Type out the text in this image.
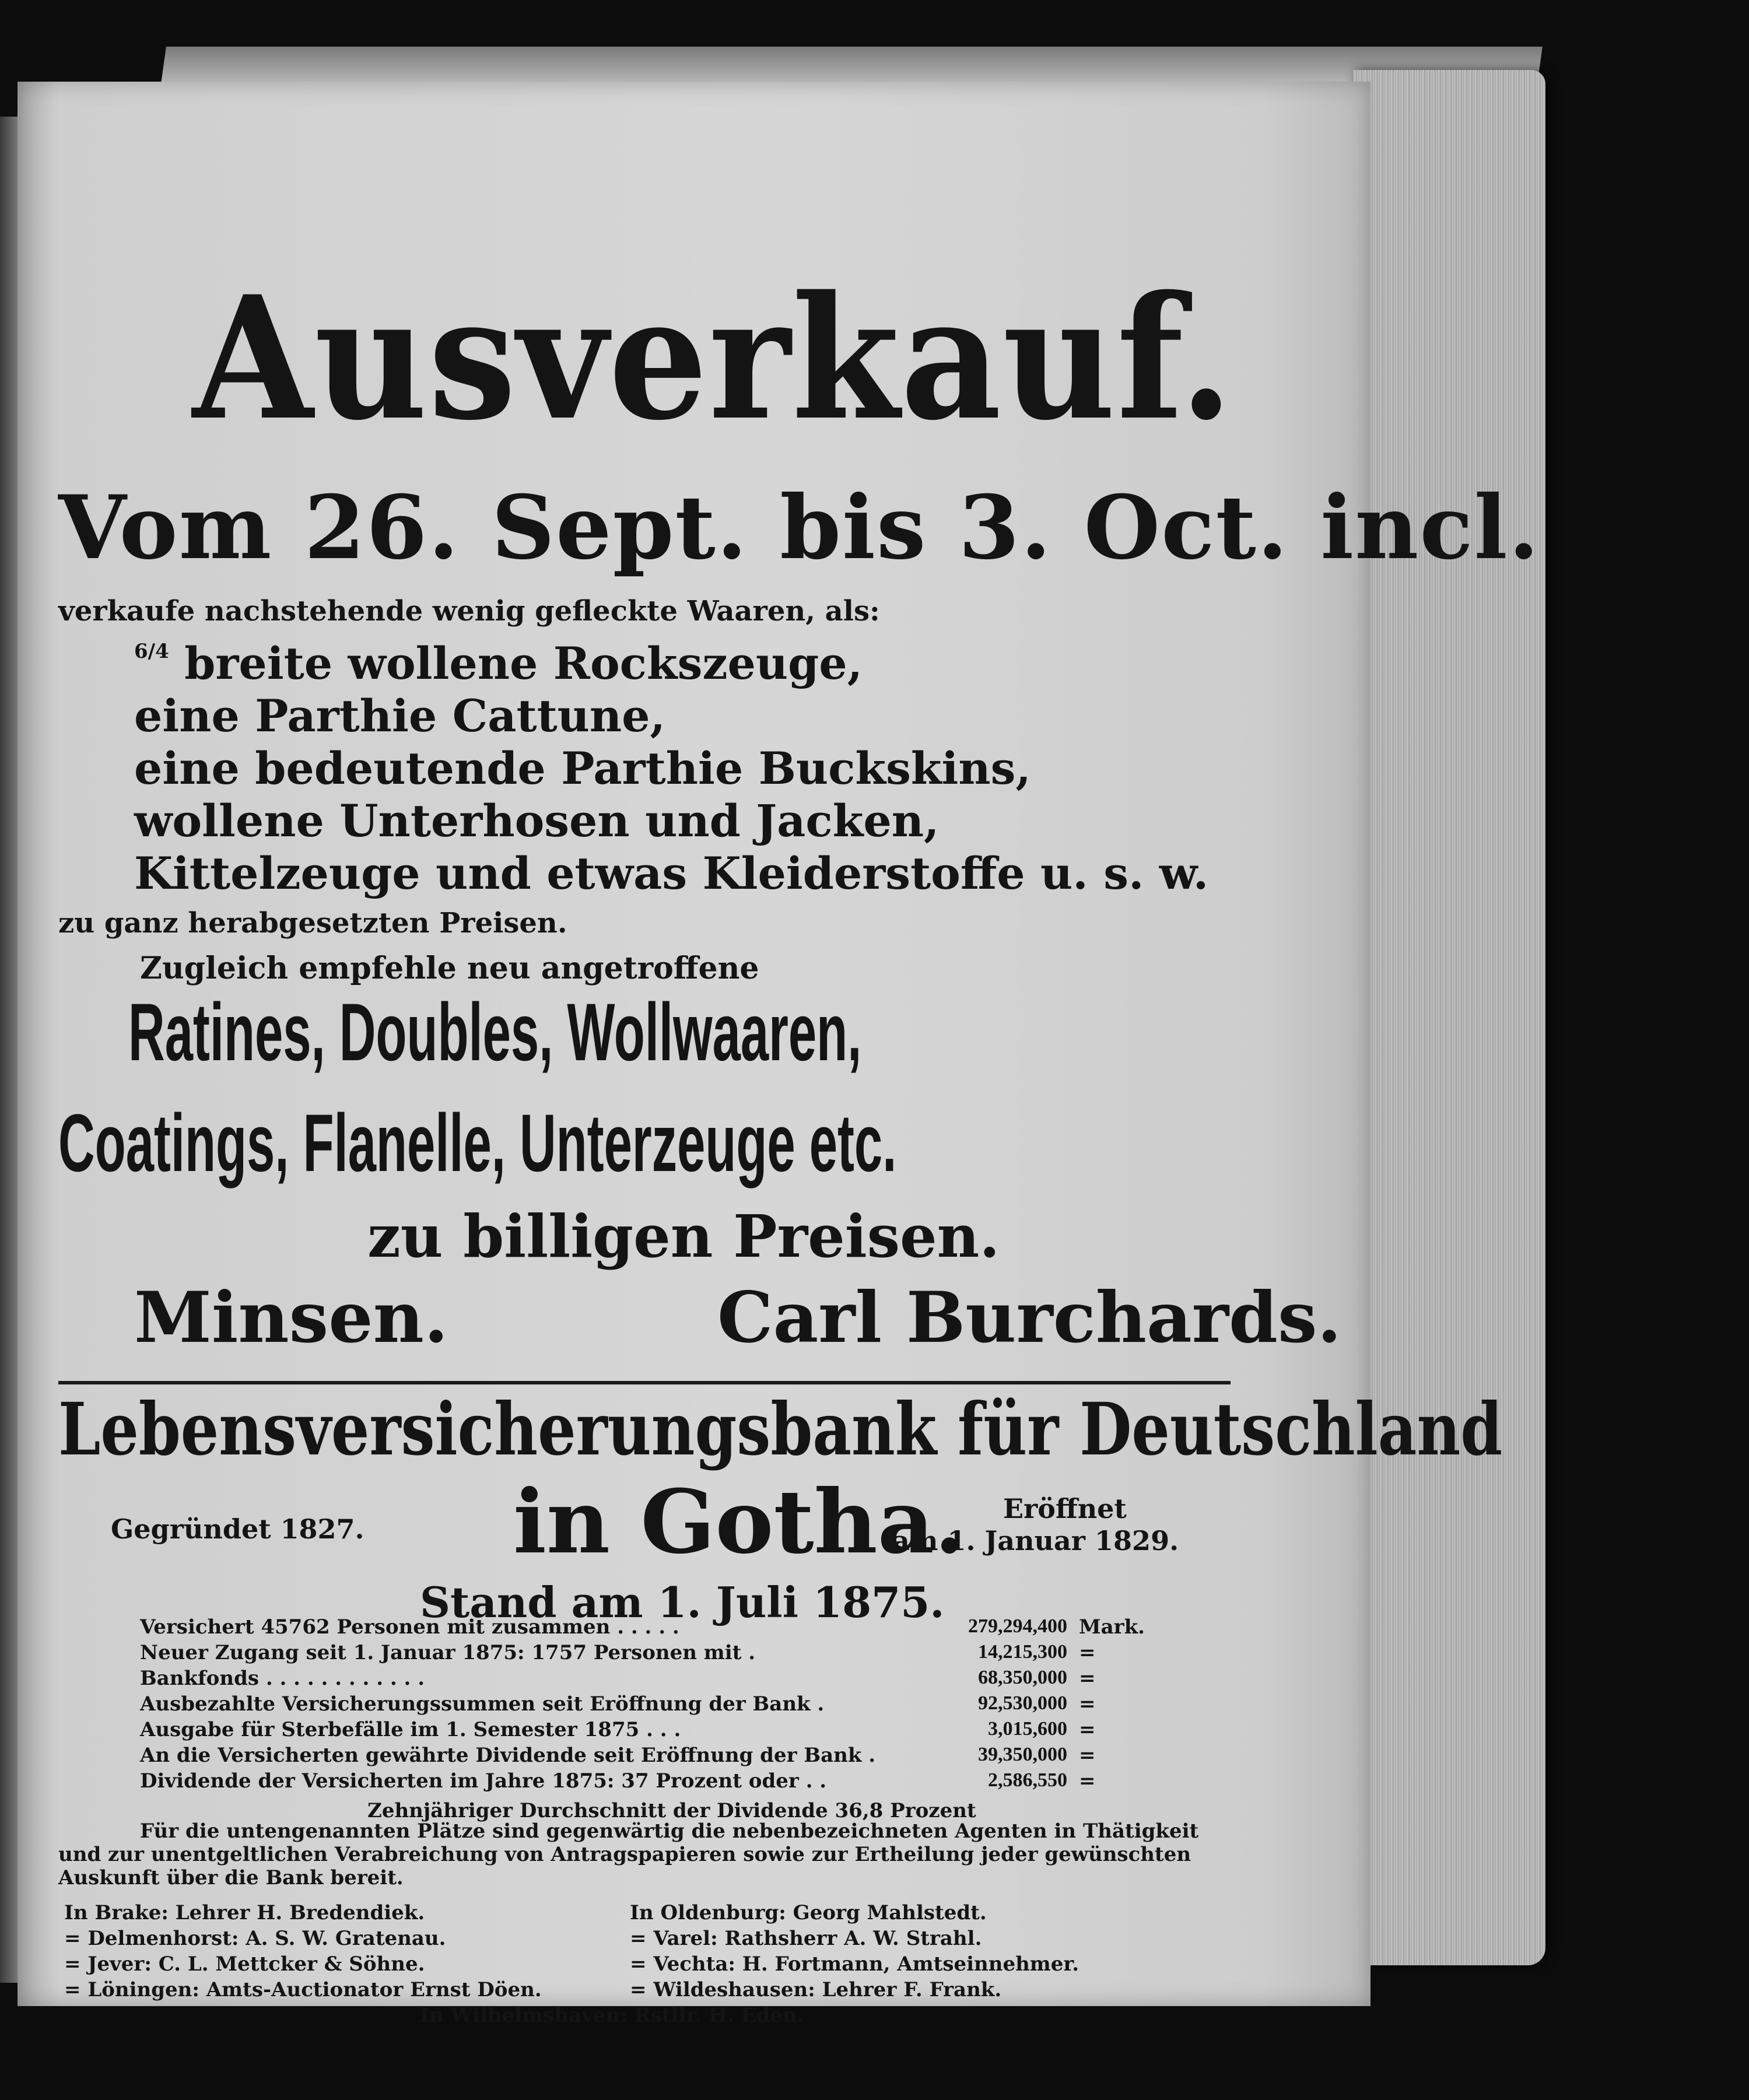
Ausverkauf.
Vom 26. Sept. bis 3. Oct. incl.
verkaufe nachstehende wenig gefleckte Waaren, als:
$^{6/4}$ breite wollene Rockszeuge,
eine Parthie Cattune,
eine bedeutende Parthie Buckskins,
wollene Unterhosen und Jacken,
Kittelzeuge und etwas Kleiderstoffe u. s. w.
zu ganz herabgesetzten Preisen.
Zugleich empfehle neu angetroffene
Ratines, Doubles, Wollwaaren,
Coatings, Flanelle, Unterzeuge etc.
zu billigen Preisen.
Minsen.	Carl Burchards.
Lebensversicherungsbank für Deutschland
Gegründet 1827. in Gotha. Eröffnet
am 1. Januar 1829.
Stand am 1. Juli 1875.
Versichert 45762 Personen mit zusammen . . . . .	279,294,400 Mark.
Neuer Zugang seit 1. Januar 1875: 1757 Personen mit .	14,215,300 =
Bankfonds . . . . . . . . . . . .	68,350,000 =
Ausbezahlte Versicherungssummen seit Eröffnung der Bank .	92,530,000 =
Ausgabe für Sterbefälle im 1. Semester 1875 . . .	3,015,600 =
An die Versicherten gewährte Dividende seit Eröffnung der Bank .	39,350,000 =
Dividende der Versicherten im Jahre 1875: 37 Prozent oder . .	2,586,550 =
Zehnjähriger Durchschnitt der Dividende 36,8 Prozent
Für die untengenannten Plätze sind gegenwärtig die nebenbezeichneten Agenten in Thätigkeit und zur unentgeltlichen Verabreichung von Antragspapieren sowie zur Ertheilung jeder gewünschten Auskunft über die Bank bereit.
In Brake: Lehrer H. Bredendiek.
= Delmenhorst: A. S. W. Gratenau.
= Jever: C. L. Mettcker & Söhne.
= Löningen: Amts-Auctionator Ernst Döen.
In Oldenburg: Georg Mahlstedt.
= Varel: Rathsherr A. W. Strahl.
= Vechta: H. Fortmann, Amtseinnehmer.
= Wildeshausen: Lehrer F. Frank.
In Wilhelmshaven: Rstllr. H. Eden.
